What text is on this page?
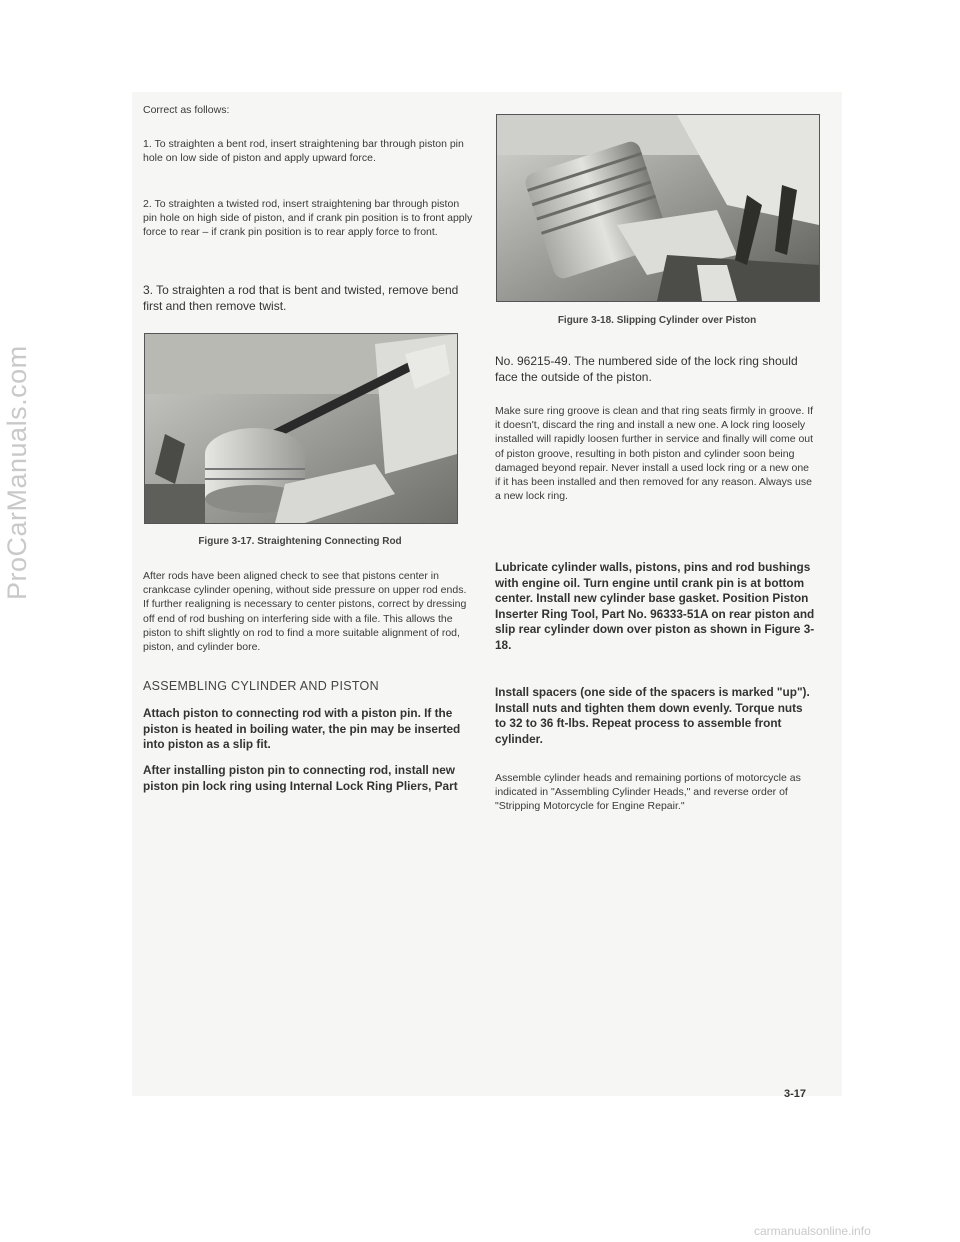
ProCarManuals.com
carmanualsonline.info

Correct as follows:

1. To straighten a bent rod, insert straightening bar through piston pin hole on low side of piston and apply upward force.

2. To straighten a twisted rod, insert straightening bar through piston pin hole on high side of piston, and if crank pin position is to front apply force to rear – if crank pin position is to rear apply force to front.

3. To straighten a rod that is bent and twisted, remove bend first and then remove twist.

Figure 3-17. Straightening Connecting Rod

After rods have been aligned check to see that pistons center in crankcase cylinder opening, without side pressure on upper rod ends. If further realigning is necessary to center pistons, correct by dressing off end of rod bushing on interfering side with a file. This allows the piston to shift slightly on rod to find a more suitable alignment of rod, piston, and cylinder bore.

ASSEMBLING CYLINDER AND PISTON

Attach piston to connecting rod with a piston pin. If the piston is heated in boiling water, the pin may be inserted into piston as a slip fit.

After installing piston pin to connecting rod, install new piston pin lock ring using Internal Lock Ring Pliers, Part

Figure 3-18. Slipping Cylinder over Piston

No. 96215-49. The numbered side of the lock ring should face the outside of the piston.

Make sure ring groove is clean and that ring seats firmly in groove. If it doesn't, discard the ring and install a new one. A lock ring loosely installed will rapidly loosen further in service and finally will come out of piston groove, resulting in both piston and cylinder soon being damaged beyond repair. Never install a used lock ring or a new one if it has been installed and then removed for any reason. Always use a new lock ring.

Lubricate cylinder walls, pistons, pins and rod bushings with engine oil. Turn engine until crank pin is at bottom center. Install new cylinder base gasket. Position Piston Inserter Ring Tool, Part No. 96333-51A on rear piston and slip rear cylinder down over piston as shown in Figure 3-18.

Install spacers (one side of the spacers is marked "up"). Install nuts and tighten them down evenly. Torque nuts to 32 to 36 ft-lbs. Repeat process to assemble front cylinder.

Assemble cylinder heads and remaining portions of motorcycle as indicated in "Assembling Cylinder Heads," and reverse order of "Stripping Motorcycle for Engine Repair."

3-17
